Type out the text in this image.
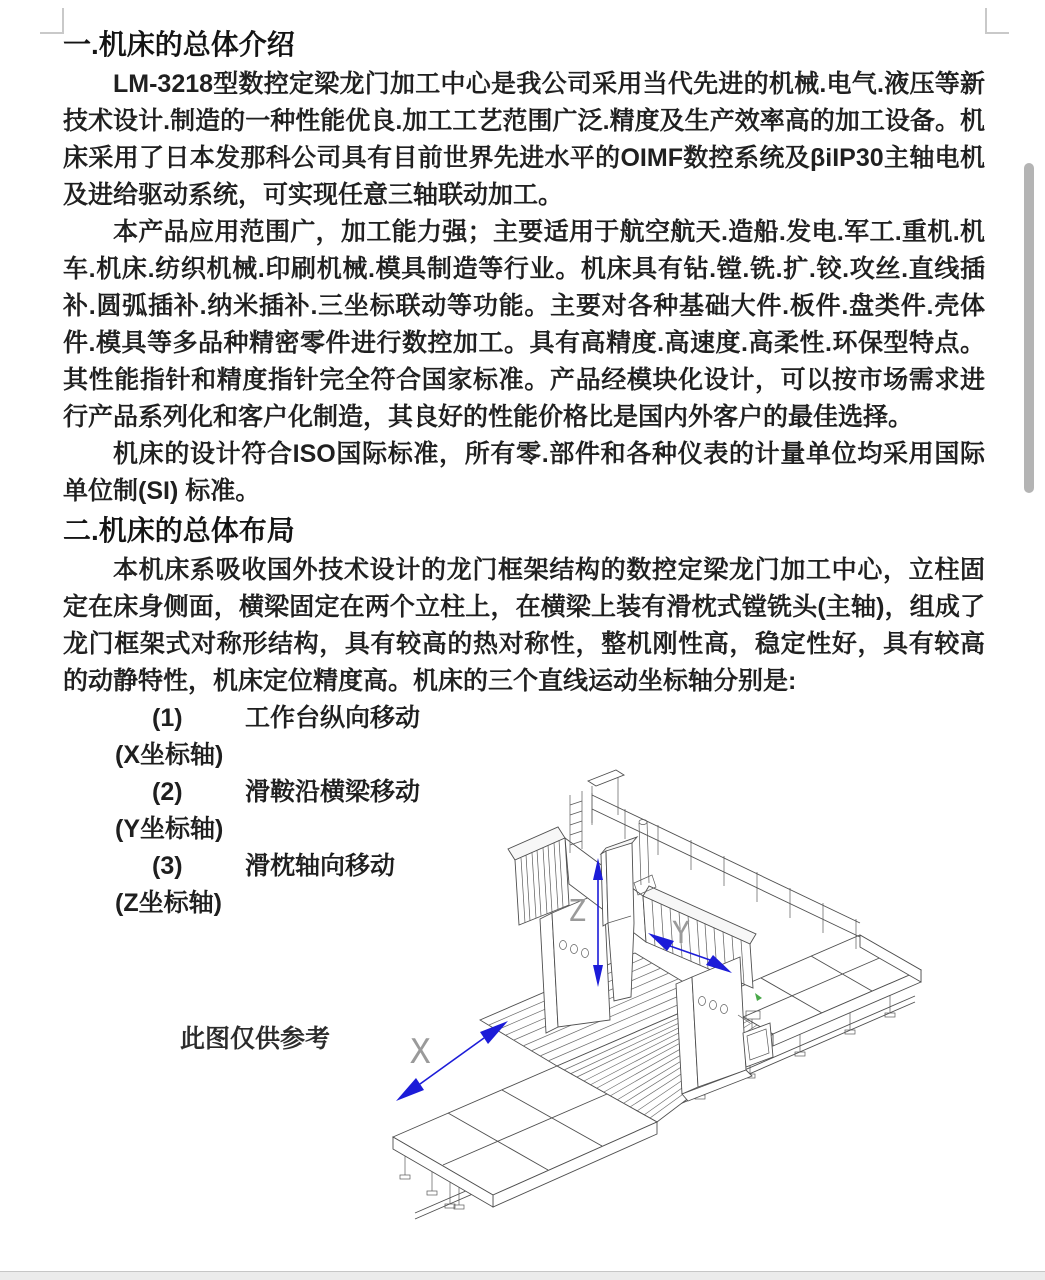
一.机床的总体介绍

LM-3218型数控定梁龙门加工中心是我公司采用当代先进的机械.电气.液压等新技术设计.制造的一种性能优良.加工工艺范围广泛.精度及生产效率高的加工设备。机床采用了日本发那科公司具有目前世界先进水平的OIMF数控系统及βiIP30主轴电机及进给驱动系统，可实现任意三轴联动加工。

本产品应用范围广，加工能力强；主要适用于航空航天.造船.发电.军工.重机.机车.机床.纺织机械.印刷机械.模具制造等行业。机床具有钻.镗.铣.扩.铰.攻丝.直线插补.圆弧插补.纳米插补.三坐标联动等功能。主要对各种基础大件.板件.盘类件.壳体件.模具等多品种精密零件进行数控加工。具有高精度.高速度.高柔性.环保型特点。其性能指针和精度指针完全符合国家标准。产品经模块化设计，可以按市场需求进行产品系列化和客户化制造，其良好的性能价格比是国内外客户的最佳选择。

机床的设计符合ISO国际标准，所有零.部件和各种仪表的计量单位均采用国际单位制(SI) 标准。

二.机床的总体布局

本机床系吸收国外技术设计的龙门框架结构的数控定梁龙门加工中心，立柱固定在床身侧面，横梁固定在两个立柱上，在横梁上装有滑枕式镗铣头(主轴)，组成了龙门框架式对称形结构，具有较高的热对称性，整机刚性高，稳定性好，具有较高的动静特性，机床定位精度高。机床的三个直线运动坐标轴分别是:

(1) 工作台纵向移动
(X坐标轴)
(2) 滑鞍沿横梁移动
(Y坐标轴)
(3) 滑枕轴向移动
(Z坐标轴)
此图仅供参考
Z
Y
X
